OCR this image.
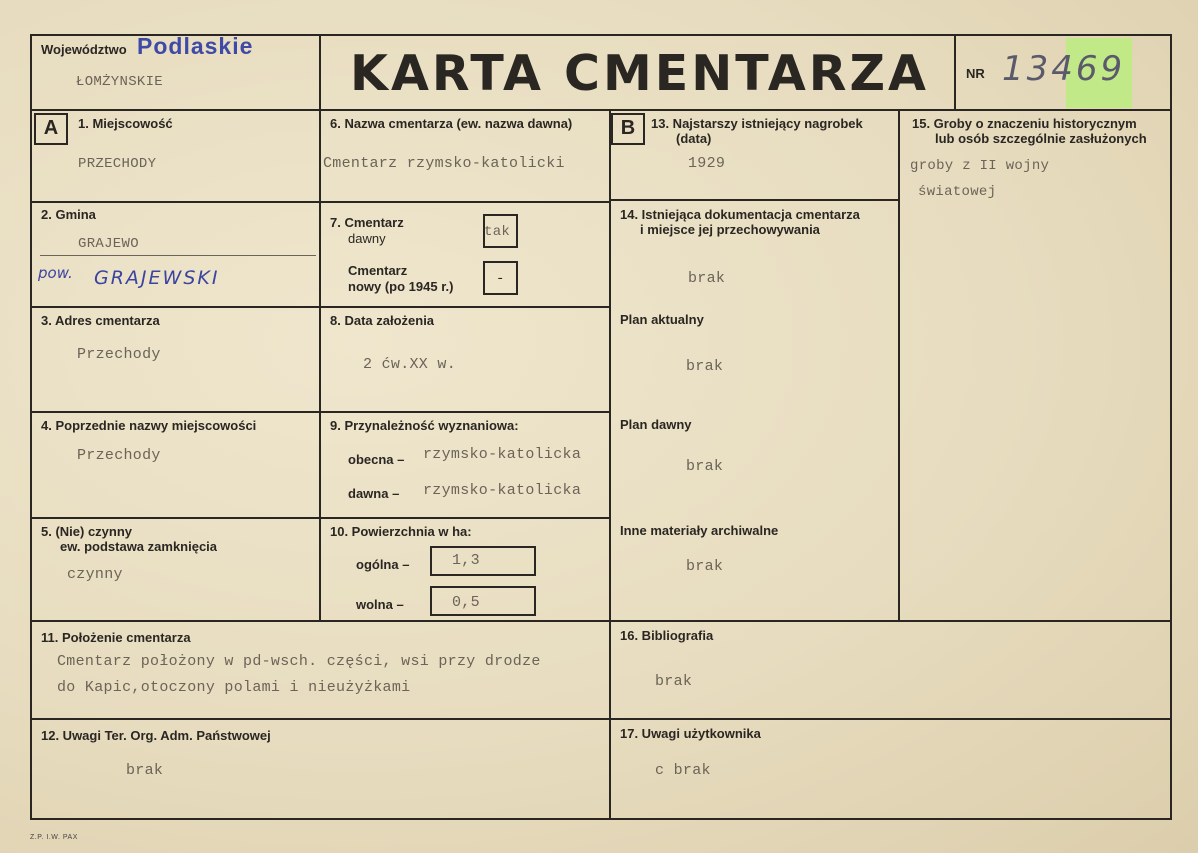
Województwo Podlaskie
ŁOMŻYNSKIE	KARTA CMENTARZA	NR 13469
A	B
1. Miejscowość
PRZECHODY
2. Gmina
GRAJEWO
pow. GRAJEWSKI
3. Adres cmentarza
Przechody
4. Poprzednie nazwy miejscowości
Przechody
5. (Nie) czynny
ew. podstawa zamknięcia
czynny
6. Nazwa cmentarza (ew. nazwa dawna)
Cmentarz rzymsko-katolicki
7. Cmentarz
dawny	tak
Cmentarz
nowy (po 1945 r.)	-
8. Data założenia
2 ćw.XX w.
9. Przynależność wyznaniowa:
obecna – rzymsko-katolicka
dawna – rzymsko-katolicka
10. Powierzchnia w ha:
ogólna –	1,3
wolna –	0,5
13. Najstarszy istniejący nagrobek
(data)
1929
14. Istniejąca dokumentacja cmentarza
i miejsce jej przechowywania
brak
Plan aktualny
brak
Plan dawny
brak
Inne materiały archiwalne
brak
15. Groby o znaczeniu historycznym
lub osób szczególnie zasłużonych
groby z II wojny
światowej
11. Położenie cmentarza
Cmentarz położony w pd-wsch. części, wsi przy drodze
do Kapic,otoczony polami i nieużyżkami
16. Bibliografia
brak
12. Uwagi Ter. Org. Adm. Państwowej
brak
17. Uwagi użytkownika
c brak
Z.P. I.W. PAX
